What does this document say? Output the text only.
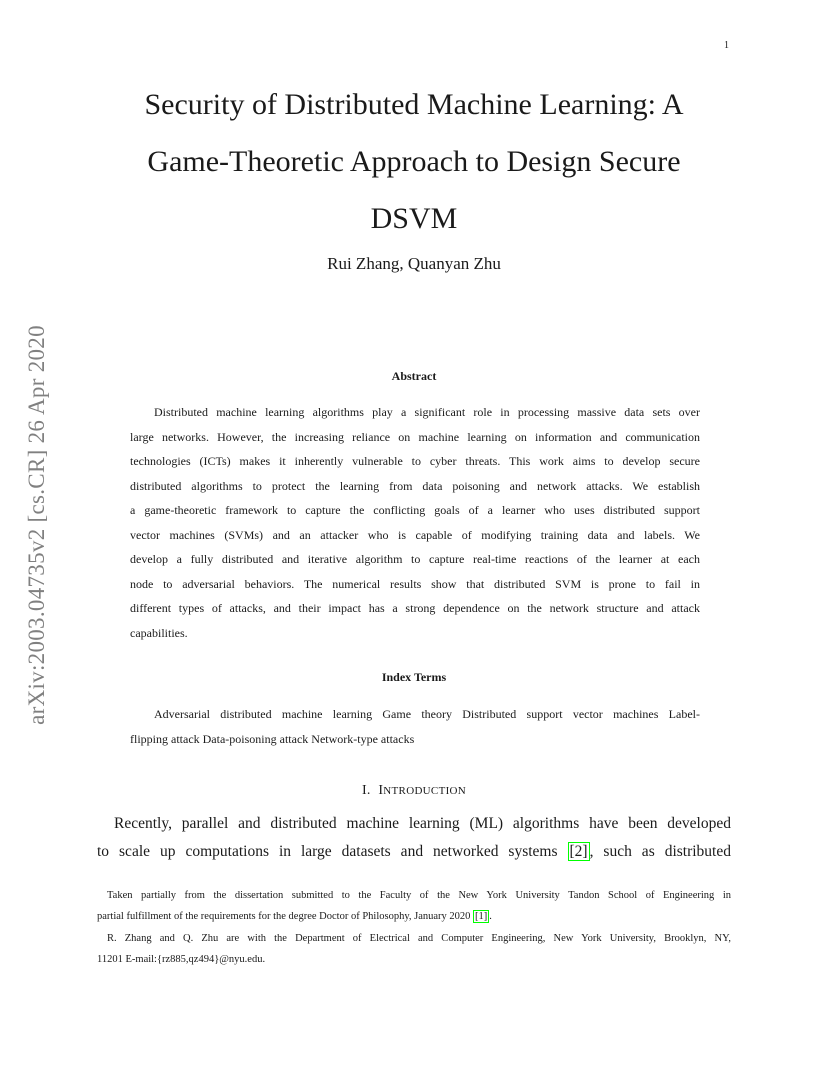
1
arXiv:2003.04735v2 [cs.CR] 26 Apr 2020
Security of Distributed Machine Learning: A
Game-Theoretic Approach to Design Secure
DSVM
Rui Zhang, Quanyan Zhu
Abstract
Distributed machine learning algorithms play a significant role in processing massive data sets over
large networks. However, the increasing reliance on machine learning on information and communication
technologies (ICTs) makes it inherently vulnerable to cyber threats. This work aims to develop secure
distributed algorithms to protect the learning from data poisoning and network attacks. We establish
a game-theoretic framework to capture the conflicting goals of a learner who uses distributed support
vector machines (SVMs) and an attacker who is capable of modifying training data and labels. We
develop a fully distributed and iterative algorithm to capture real-time reactions of the learner at each
node to adversarial behaviors. The numerical results show that distributed SVM is prone to fail in
different types of attacks, and their impact has a strong dependence on the network structure and attack
capabilities.
Index Terms
Adversarial distributed machine learning Game theory Distributed support vector machines Label-
flipping attack Data-poisoning attack Network-type attacks
I. INTRODUCTION
Recently, parallel and distributed machine learning (ML) algorithms have been developed
to scale up computations in large datasets and networked systems [2] , such as distributed
Taken partially from the dissertation submitted to the Faculty of the New York University Tandon School of Engineering in
partial fulfillment of the requirements for the degree Doctor of Philosophy, January 2020 [1] .
R. Zhang and Q. Zhu are with the Department of Electrical and Computer Engineering, New York University, Brooklyn, NY,
11201 E-mail:{rz885,qz494}@nyu.edu.
